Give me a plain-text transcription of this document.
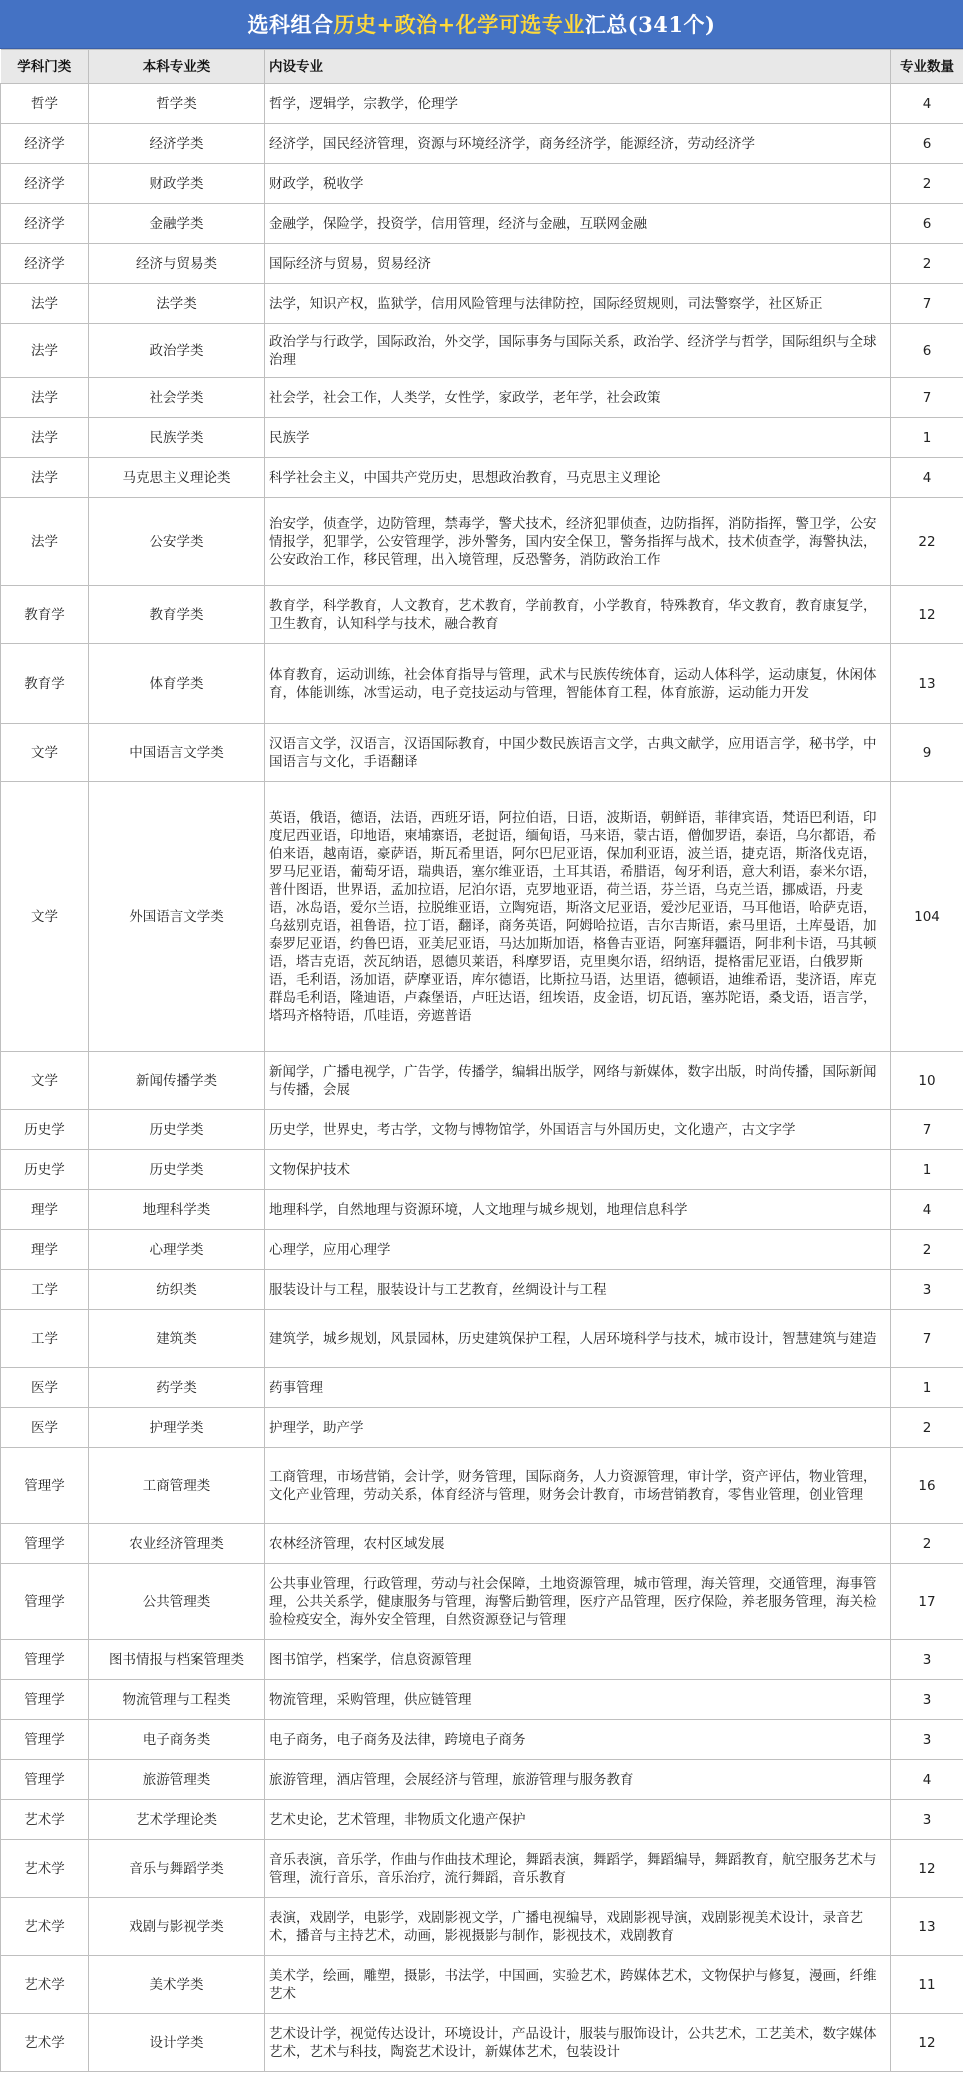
选科组合 历史+政治+化学 可选专业 汇总(341个)
学科门类	本科专业类	内设专业	专业数量
哲学	哲学类	哲学，逻辑学，宗教学，伦理学	4
经济学	经济学类	经济学，国民经济管理，资源与环境经济学，商务经济学，能源经济，劳动经济学	6
经济学	财政学类	财政学，税收学	2
经济学	金融学类	金融学，保险学，投资学，信用管理，经济与金融，互联网金融	6
经济学	经济与贸易类	国际经济与贸易，贸易经济	2
法学	法学类	法学，知识产权，监狱学，信用风险管理与法律防控，国际经贸规则，司法警察学，社区矫正	7
法学	政治学类	政治学与行政学，国际政治，外交学，国际事务与国际关系，政治学、经济学与哲学，国际组织与全球治理	6
法学	社会学类	社会学，社会工作，人类学，女性学，家政学，老年学，社会政策	7
法学	民族学类	民族学	1
法学	马克思主义理论类	科学社会主义，中国共产党历史，思想政治教育，马克思主义理论	4
法学	公安学类	治安学，侦查学，边防管理，禁毒学，警犬技术，经济犯罪侦查，边防指挥，消防指挥，警卫学，公安情报学，犯罪学，公安管理学，涉外警务，国内安全保卫，警务指挥与战术，技术侦查学，海警执法，公安政治工作，移民管理，出入境管理，反恐警务，消防政治工作	22
教育学	教育学类	教育学，科学教育，人文教育，艺术教育，学前教育，小学教育，特殊教育，华文教育，教育康复学，卫生教育，认知科学与技术，融合教育	12
教育学	体育学类	体育教育，运动训练，社会体育指导与管理，武术与民族传统体育，运动人体科学，运动康复，休闲体育，体能训练，冰雪运动，电子竞技运动与管理，智能体育工程，体育旅游，运动能力开发	13
文学	中国语言文学类	汉语言文学，汉语言，汉语国际教育，中国少数民族语言文学，古典文献学，应用语言学，秘书学，中国语言与文化，手语翻译	9
文学	外国语言文学类	英语，俄语，德语，法语，西班牙语，阿拉伯语，日语，波斯语，朝鲜语，菲律宾语，梵语巴利语，印度尼西亚语，印地语，柬埔寨语，老挝语，缅甸语，马来语，蒙古语，僧伽罗语，泰语，乌尔都语，希伯来语，越南语，豪萨语，斯瓦希里语，阿尔巴尼亚语，保加利亚语，波兰语，捷克语，斯洛伐克语，罗马尼亚语，葡萄牙语，瑞典语，塞尔维亚语，土耳其语，希腊语，匈牙利语，意大利语，泰米尔语，普什图语，世界语，孟加拉语，尼泊尔语，克罗地亚语，荷兰语，芬兰语，乌克兰语，挪威语，丹麦语，冰岛语，爱尔兰语，拉脱维亚语，立陶宛语，斯洛文尼亚语，爱沙尼亚语，马耳他语，哈萨克语，乌兹别克语，祖鲁语，拉丁语，翻译，商务英语，阿姆哈拉语，吉尔吉斯语，索马里语，土库曼语，加泰罗尼亚语，约鲁巴语，亚美尼亚语，马达加斯加语，格鲁吉亚语，阿塞拜疆语，阿非利卡语，马其顿语，塔吉克语，茨瓦纳语，恩德贝莱语，科摩罗语，克里奥尔语，绍纳语，提格雷尼亚语，白俄罗斯语，毛利语，汤加语，萨摩亚语，库尔德语，比斯拉马语，达里语，德顿语，迪维希语，斐济语，库克群岛毛利语，隆迪语，卢森堡语，卢旺达语，纽埃语，皮金语，切瓦语，塞苏陀语，桑戈语，语言学，塔玛齐格特语，爪哇语，旁遮普语	104
文学	新闻传播学类	新闻学，广播电视学，广告学，传播学，编辑出版学，网络与新媒体，数字出版，时尚传播，国际新闻与传播，会展	10
历史学	历史学类	历史学，世界史，考古学，文物与博物馆学，外国语言与外国历史，文化遗产，古文字学	7
历史学	历史学类	文物保护技术	1
理学	地理科学类	地理科学，自然地理与资源环境，人文地理与城乡规划，地理信息科学	4
理学	心理学类	心理学，应用心理学	2
工学	纺织类	服装设计与工程，服装设计与工艺教育，丝绸设计与工程	3
工学	建筑类	建筑学，城乡规划，风景园林，历史建筑保护工程，人居环境科学与技术，城市设计，智慧建筑与建造	7
医学	药学类	药事管理	1
医学	护理学类	护理学，助产学	2
管理学	工商管理类	工商管理，市场营销，会计学，财务管理，国际商务，人力资源管理，审计学，资产评估，物业管理，文化产业管理，劳动关系，体育经济与管理，财务会计教育，市场营销教育，零售业管理，创业管理	16
管理学	农业经济管理类	农林经济管理，农村区域发展	2
管理学	公共管理类	公共事业管理，行政管理，劳动与社会保障，土地资源管理，城市管理，海关管理，交通管理，海事管理，公共关系学，健康服务与管理，海警后勤管理，医疗产品管理，医疗保险，养老服务管理，海关检验检疫安全，海外安全管理，自然资源登记与管理	17
管理学	图书情报与档案管理类	图书馆学，档案学，信息资源管理	3
管理学	物流管理与工程类	物流管理，采购管理，供应链管理	3
管理学	电子商务类	电子商务，电子商务及法律，跨境电子商务	3
管理学	旅游管理类	旅游管理，酒店管理，会展经济与管理，旅游管理与服务教育	4
艺术学	艺术学理论类	艺术史论，艺术管理，非物质文化遗产保护	3
艺术学	音乐与舞蹈学类	音乐表演，音乐学，作曲与作曲技术理论，舞蹈表演，舞蹈学，舞蹈编导，舞蹈教育，航空服务艺术与管理，流行音乐，音乐治疗，流行舞蹈，音乐教育	12
艺术学	戏剧与影视学类	表演，戏剧学，电影学，戏剧影视文学，广播电视编导，戏剧影视导演，戏剧影视美术设计，录音艺术，播音与主持艺术，动画，影视摄影与制作，影视技术，戏剧教育	13
艺术学	美术学类	美术学，绘画，雕塑，摄影，书法学，中国画，实验艺术，跨媒体艺术，文物保护与修复，漫画，纤维艺术	11
艺术学	设计学类	艺术设计学，视觉传达设计，环境设计，产品设计，服装与服饰设计，公共艺术，工艺美术，数字媒体艺术，艺术与科技，陶瓷艺术设计，新媒体艺术，包装设计	12
